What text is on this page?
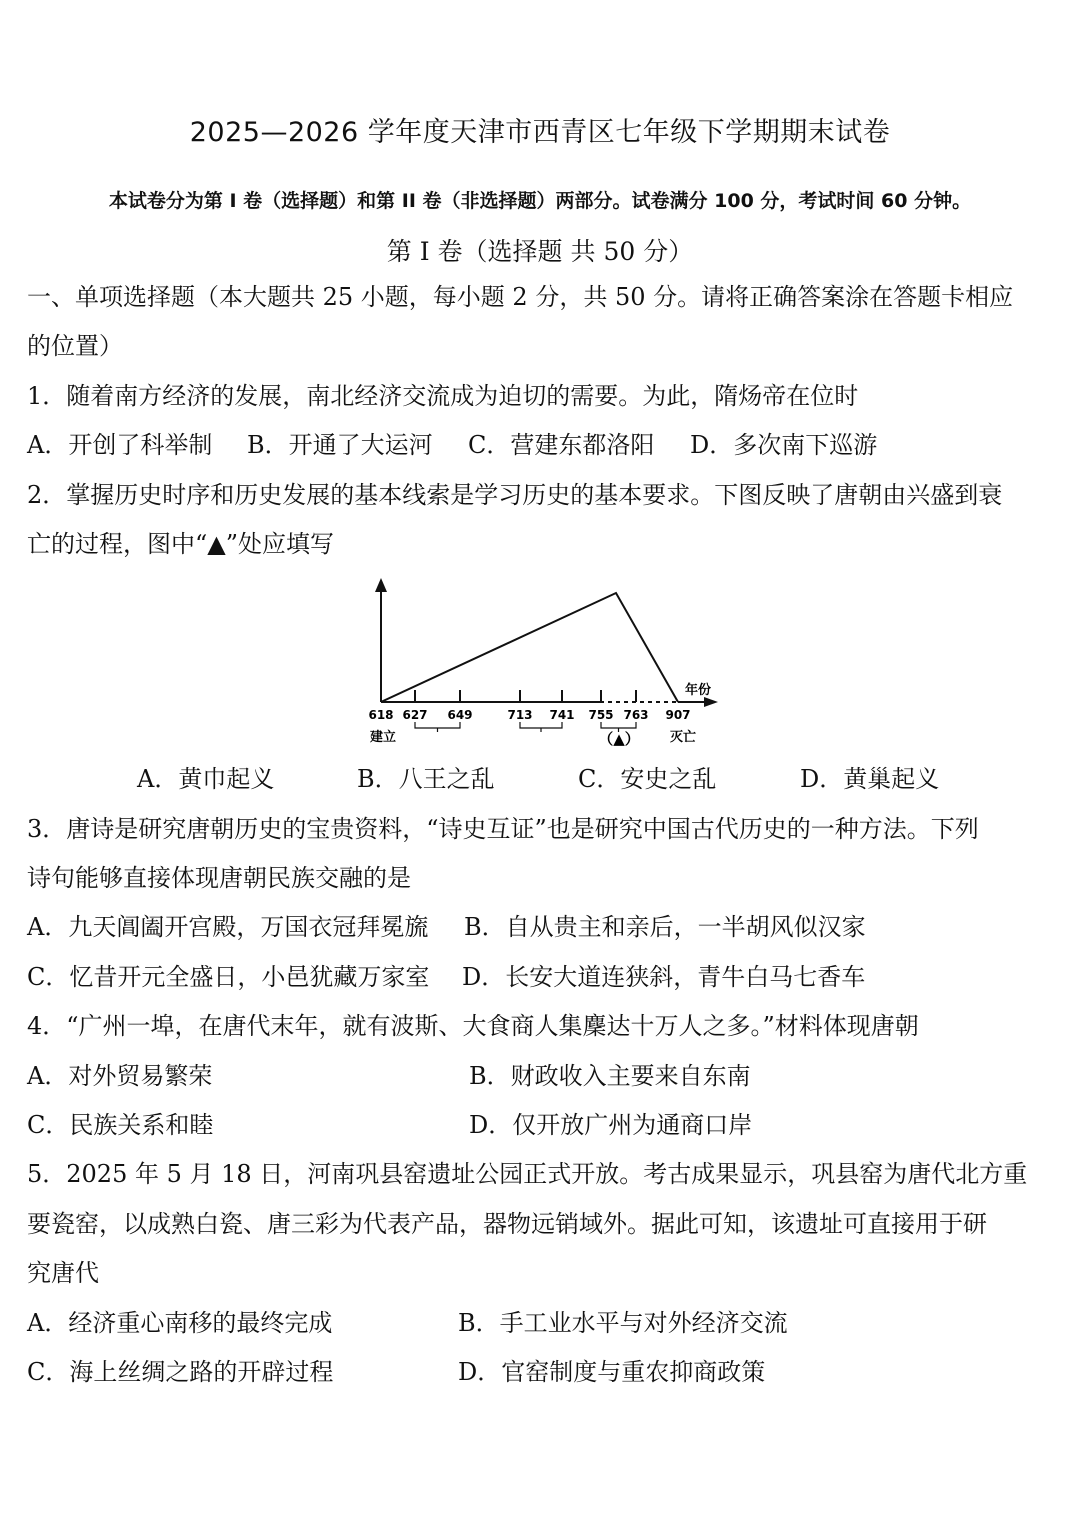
2025—2026 学年度天津市西青区七年级下学期期末试卷
本试卷分为第 I 卷（选择题）和第 II 卷（非选择题）两部分。试卷满分 100 分，考试时间 60 分钟。
第 I 卷（选择题 共 50 分）
一、单项选择题（本大题共 25 小题，每小题 2 分，共 50 分。请将正确答案涂在答题卡相应
的位置）
1．随着南方经济的发展，南北经济交流成为迫切的需要。为此，隋炀帝在位时
A．开创了科举制 B．开通了大运河 C．营建东都洛阳 D．多次南下巡游
2．掌握历史时序和历史发展的基本线索是学习历史的基本要求。下图反映了唐朝由兴盛到衰
亡的过程，图中“▲”处应填写
618 627 649	713 741 755 763 907
年份
建立	灭亡
（▲）
A．黄巾起义	B．八王之乱	C．安史之乱	D．黄巢起义
3．唐诗是研究唐朝历史的宝贵资料，“诗史互证”也是研究中国古代历史的一种方法。下列
诗句能够直接体现唐朝民族交融的是
A．九天阊阖开宫殿，万国衣冠拜冕旒 B．自从贵主和亲后，一半胡风似汉家
C．忆昔开元全盛日，小邑犹藏万家室 D．长安大道连狭斜，青牛白马七香车
4．“广州一埠，在唐代末年，就有波斯、大食商人集麇达十万人之多。”材料体现唐朝
A．对外贸易繁荣	B．财政收入主要来自东南
C．民族关系和睦	D．仅开放广州为通商口岸
5．2025 年 5 月 18 日，河南巩县窑遗址公园正式开放。考古成果显示，巩县窑为唐代北方重
要瓷窑，以成熟白瓷、唐三彩为代表产品，器物远销域外。据此可知，该遗址可直接用于研
究唐代
A．经济重心南移的最终完成	B．手工业水平与对外经济交流
C．海上丝绸之路的开辟过程	D．官窑制度与重农抑商政策
